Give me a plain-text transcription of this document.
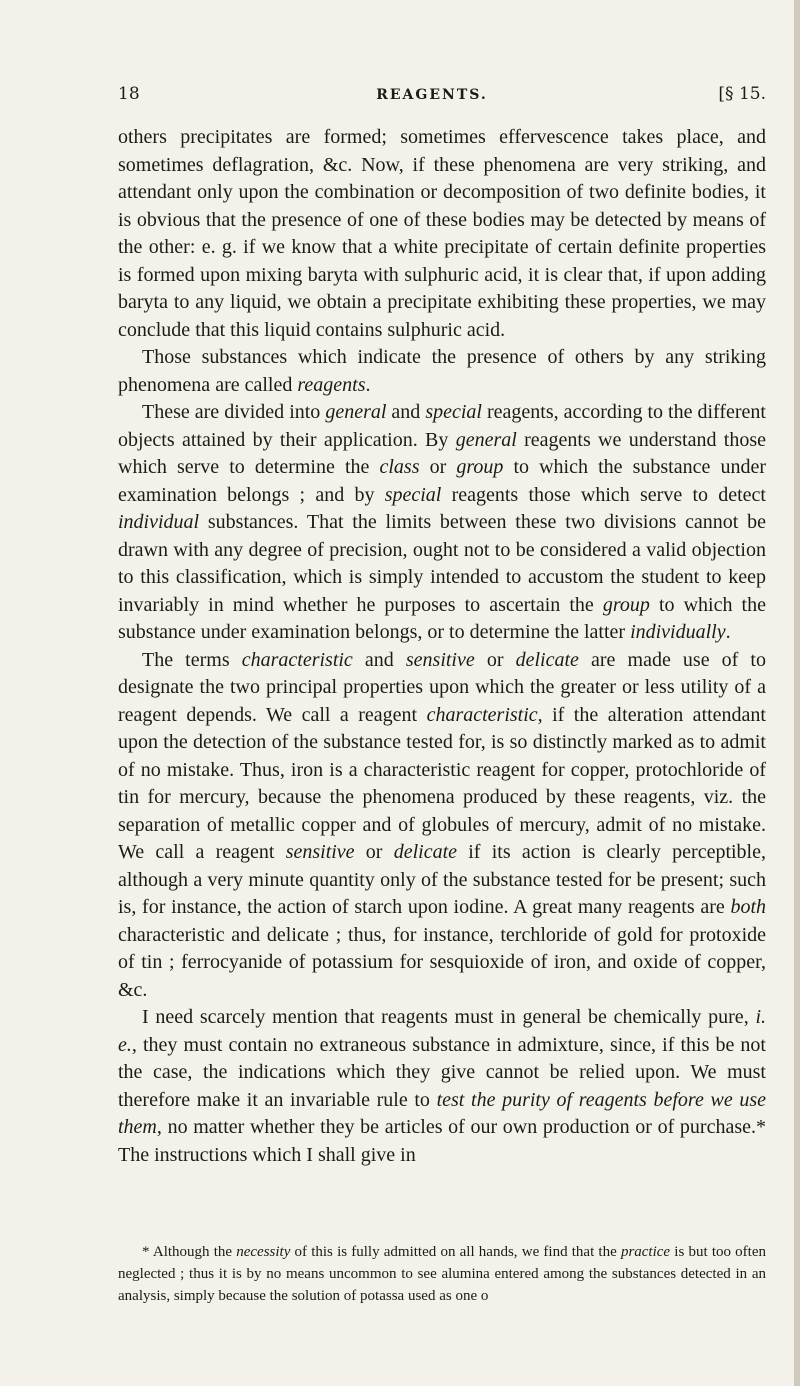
18	REAGENTS.	[§ 15.

others precipitates are formed; sometimes effervescence takes place, and sometimes deflagration, &c. Now, if these phenomena are very striking, and attendant only upon the combination or decomposition of two definite bodies, it is obvious that the presence of one of these bodies may be detected by means of the other: e. g. if we know that a white precipitate of certain definite properties is formed upon mixing baryta with sulphuric acid, it is clear that, if upon adding baryta to any liquid, we obtain a precipitate exhibiting these properties, we may conclude that this liquid contains sulphuric acid.

Those substances which indicate the presence of others by any striking phenomena are called reagents.

These are divided into general and special reagents, according to the different objects attained by their application. By general reagents we understand those which serve to determine the class or group to which the substance under examination belongs ; and by special reagents those which serve to detect individual substances. That the limits between these two divisions cannot be drawn with any degree of precision, ought not to be considered a valid objection to this classification, which is simply intended to accustom the student to keep invariably in mind whether he purposes to ascertain the group to which the substance under examination belongs, or to determine the latter individually.

The terms characteristic and sensitive or delicate are made use of to designate the two principal properties upon which the greater or less utility of a reagent depends. We call a reagent characteristic, if the alteration attendant upon the detection of the substance tested for, is so distinctly marked as to admit of no mistake. Thus, iron is a characteristic reagent for copper, protochloride of tin for mercury, because the phenomena produced by these reagents, viz. the separation of metallic copper and of globules of mercury, admit of no mistake. We call a reagent sensitive or delicate if its action is clearly perceptible, although a very minute quantity only of the substance tested for be present; such is, for instance, the action of starch upon iodine. A great many reagents are both characteristic and delicate ; thus, for instance, terchloride of gold for protoxide of tin ; ferrocyanide of potassium for sesquioxide of iron, and oxide of copper, &c.

I need scarcely mention that reagents must in general be chemically pure, i. e., they must contain no extraneous substance in admixture, since, if this be not the case, the indications which they give cannot be relied upon. We must therefore make it an invariable rule to test the purity of reagents before we use them, no matter whether they be articles of our own production or of purchase.* The instructions which I shall give in

* Although the necessity of this is fully admitted on all hands, we find that the practice is but too often neglected ; thus it is by no means uncommon to see alumina entered among the substances detected in an analysis, simply because the solution of potassa used as one o
